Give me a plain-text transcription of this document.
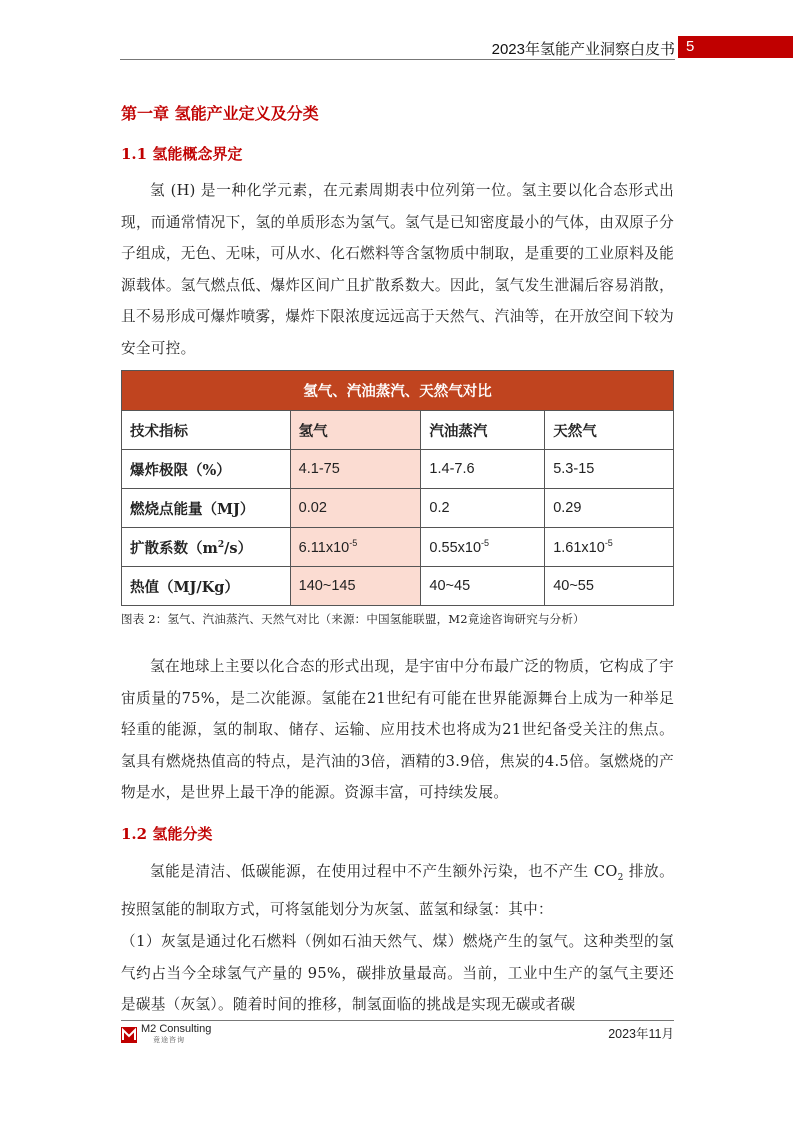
2023年氢能产业洞察白皮书 5
第一章 氢能产业定义及分类
1.1 氢能概念界定
氢 (H) 是一种化学元素，在元素周期表中位列第一位。氢主要以化合态形式出现，而通常情况下，氢的单质形态为氢气。氢气是已知密度最小的气体，由双原子分子组成，无色、无味，可从水、化石燃料等含氢物质中制取，是重要的工业原料及能源载体。氢气燃点低、爆炸区间广且扩散系数大。因此，氢气发生泄漏后容易消散，且不易形成可爆炸喷雾，爆炸下限浓度远远高于天然气、汽油等，在开放空间下较为安全可控。
氢气、汽油蒸汽、天然气对比			
技术指标	氢气	汽油蒸汽	天然气
爆炸极限（%）	4.1-75	1.4-7.6	5.3-15
燃烧点能量（MJ）	0.02	0.2	0.29
扩散系数$(m^2/s)$	$6.11x10^{-5}$	$0.55x10^{-5}$	$1.61x10^{-5}$
热值（MJ/Kg）	140~145	40~45	40~55
图表 2：氢气、汽油蒸汽、天然气对比（来源：中国氢能联盟，M2竟途咨询研究与分析）
氢在地球上主要以化合态的形式出现，是宇宙中分布最广泛的物质，它构成了宇宙质量的75%，是二次能源。氢能在21世纪有可能在世界能源舞台上成为一种举足轻重的能源，氢的制取、储存、运输、应用技术也将成为21世纪备受关注的焦点。氢具有燃烧热值高的特点，是汽油的3倍，酒精的3.9倍，焦炭的4.5倍。氢燃烧的产物是水，是世界上最干净的能源。资源丰富，可持续发展。
1.2 氢能分类
氢能是清洁、低碳能源，在使用过程中不产生额外污染，也不产生 $CO_2$ 排放。按照氢能的制取方式，可将氢能划分为灰氢、蓝氢和绿氢：其中：
（1）灰氢是通过化石燃料（例如石油天然气、煤）燃烧产生的氢气。这种类型的氢气约占当今全球氢气产量的 95%，碳排放量最高。当前，工业中生产的氢气主要还是碳基（灰氢）。随着时间的推移，制氢面临的挑战是实现无碳或者碳
M2 Consulting
竟途咨询	2023年11月
